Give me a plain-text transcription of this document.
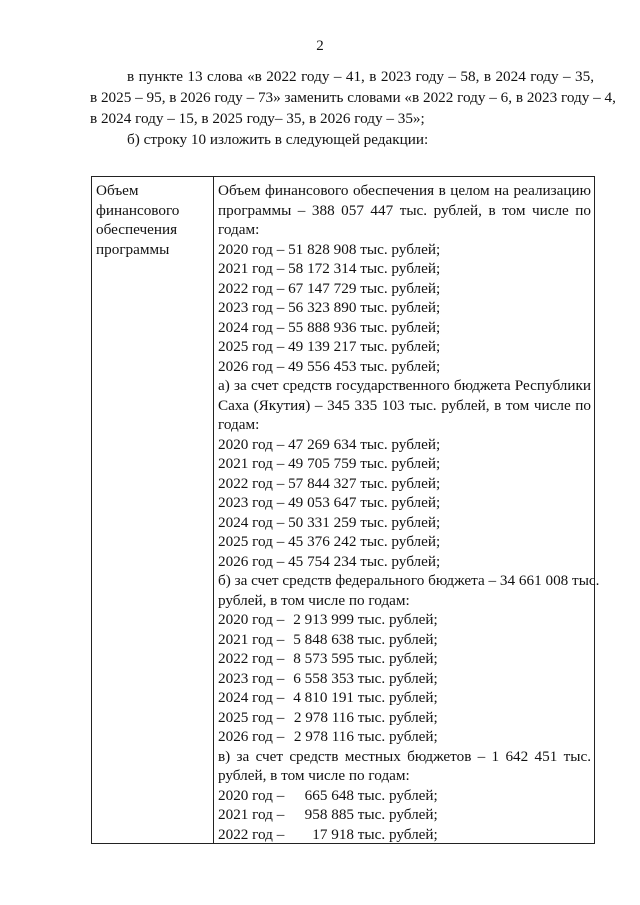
2
в пункте 13 слова «в 2022 году – 41, в 2023 году – 58, в 2024 году – 35,
в 2025 – 95, в 2026 году – 73» заменить словами «в 2022 году – 6, в 2023 году – 4,
в 2024 году – 15, в 2025 году– 35, в 2026 году – 35»;
б) строку 10 изложить в следующей редакции:
Объем
финансового
обеспечения
программы
Объем финансового обеспечения в целом на реализацию
программы – 388 057 447 тыс. рублей, в том числе по
годам:
2020 год – 51 828 908 тыс. рублей;
2021 год – 58 172 314 тыс. рублей;
2022 год – 67 147 729 тыс. рублей;
2023 год – 56 323 890 тыс. рублей;
2024 год – 55 888 936 тыс. рублей;
2025 год – 49 139 217 тыс. рублей;
2026 год – 49 556 453 тыс. рублей;
а) за счет средств государственного бюджета Республики
Саха (Якутия) – 345 335 103 тыс. рублей, в том числе по
годам:
2020 год – 47 269 634 тыс. рублей;
2021 год – 49 705 759 тыс. рублей;
2022 год – 57 844 327 тыс. рублей;
2023 год – 49 053 647 тыс. рублей;
2024 год – 50 331 259 тыс. рублей;
2025 год – 45 376 242 тыс. рублей;
2026 год – 45 754 234 тыс. рублей;
б) за счет средств федерального бюджета – 34 661 008 тыс.
рублей, в том числе по годам:
2020 год – 2 913 999 тыс. рублей;
2021 год – 5 848 638 тыс. рублей;
2022 год – 8 573 595 тыс. рублей;
2023 год – 6 558 353 тыс. рублей;
2024 год – 4 810 191 тыс. рублей;
2025 год – 2 978 116 тыс. рублей;
2026 год – 2 978 116 тыс. рублей;
в) за счет средств местных бюджетов – 1 642 451 тыс.
рублей, в том числе по годам:
2020 год – 665 648 тыс. рублей;
2021 год – 958 885 тыс. рублей;
2022 год – 17 918 тыс. рублей;
